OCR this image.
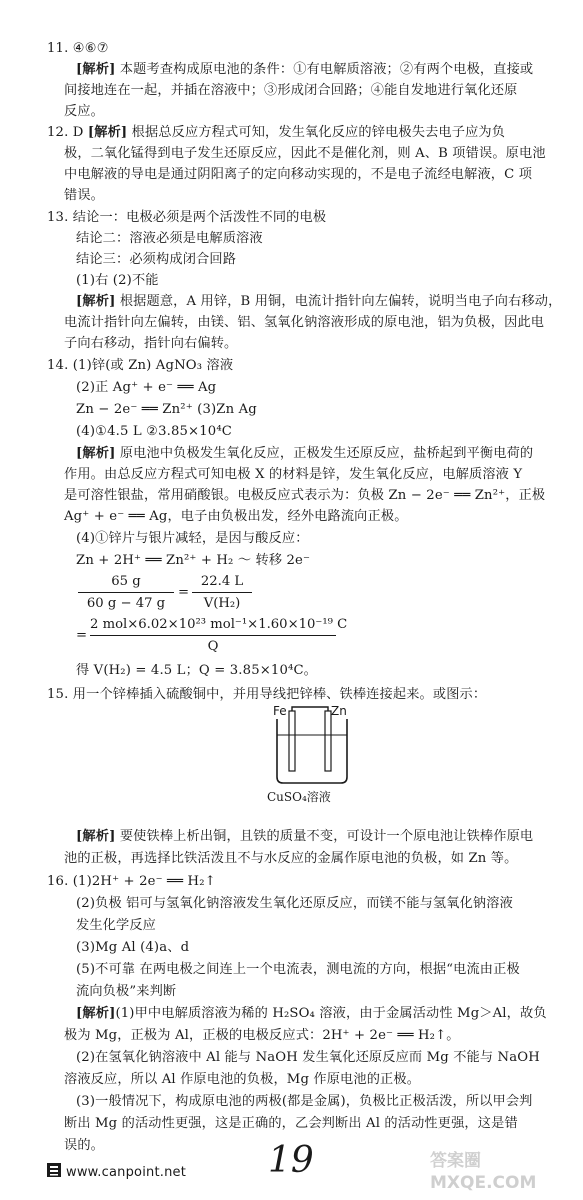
11. ④⑥⑦
[解析] 本题考查构成原电池的条件：①有电解质溶液；②有两个电极，直接或
间接地连在一起，并插在溶液中；③形成闭合回路；④能自发地进行氧化还原
反应。
12. D [解析] 根据总反应方程式可知，发生氧化反应的锌电极失去电子应为负
极，二氧化锰得到电子发生还原反应，因此不是催化剂，则 A、B 项错误。原电池
中电解液的导电是通过阴阳离子的定向移动实现的，不是电子流经电解液，C 项
错误。
13. 结论一：电极必须是两个活泼性不同的电极
结论二：溶液必须是电解质溶液
结论三：必须构成闭合回路
(1)右 (2)不能
[解析] 根据题意，A 用锌，B 用铜，电流计指针向左偏转，说明当电子向右移动，
电流计指针向左偏转，由镁、铝、氢氧化钠溶液形成的原电池，铝为负极，因此电
子向右移动，指针向右偏转。
14. (1)锌(或 Zn) AgNO₃ 溶液
(2)正 Ag⁺ + e⁻ ══ Ag
Zn − 2e⁻ ══ Zn²⁺ (3)Zn Ag
(4)①4.5 L ②3.85×10⁴C
[解析] 原电池中负极发生氧化反应，正极发生还原反应，盐桥起到平衡电荷的
作用。由总反应方程式可知电极 X 的材料是锌，发生氧化反应，电解质溶液 Y
是可溶性银盐，常用硝酸银。电极反应式表示为：负极 Zn − 2e⁻ ══ Zn²⁺，正极
Ag⁺ + e⁻ ══ Ag，电子由负极出发，经外电路流向正极。
(4)①锌片与银片减轻，是因与酸反应：
Zn + 2H⁺ ══ Zn²⁺ + H₂ ～ 转移 2e⁻
65 g
60 g − 47 g
=
22.4 L
V(H₂)
=
2 mol×6.02×10²³ mol⁻¹×1.60×10⁻¹⁹ C
Q
得 V(H₂) = 4.5 L；Q = 3.85×10⁴C。
15. 用一个锌棒插入硫酸铜中，并用导线把锌棒、铁棒连接起来。或图示：
Fe	Zn
CuSO₄溶液
[解析] 要使铁棒上析出铜，且铁的质量不变，可设计一个原电池让铁棒作原电
池的正极，再选择比铁活泼且不与水反应的金属作原电池的负极，如 Zn 等。
16. (1)2H⁺ + 2e⁻ ══ H₂↑
(2)负极 铝可与氢氧化钠溶液发生氧化还原反应，而镁不能与氢氧化钠溶液
发生化学反应
(3)Mg Al (4)a、d
(5)不可靠 在两电极之间连上一个电流表，测电流的方向，根据“电流由正极
流向负极”来判断
[解析](1)甲中电解质溶液为稀的 H₂SO₄ 溶液，由于金属活动性 Mg＞Al，故负
极为 Mg，正极为 Al，正极的电极反应式：2H⁺ + 2e⁻ ══ H₂↑。
(2)在氢氧化钠溶液中 Al 能与 NaOH 发生氧化还原反应而 Mg 不能与 NaOH
溶液反应，所以 Al 作原电池的负极，Mg 作原电池的正极。
(3)一般情况下，构成原电池的两极(都是金属)，负极比正极活泼，所以甲会判
断出 Mg 的活动性更强，这是正确的，乙会判断出 Al 的活动性更强，这是错
误的。
www.canpoint.net 19	答案圈 MXQE.COM
